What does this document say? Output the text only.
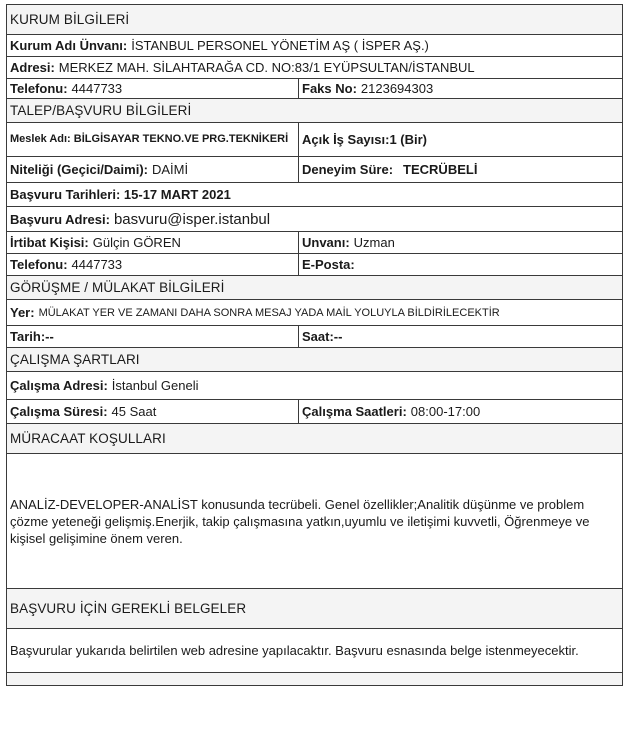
KURUM BİLGİLERİ
Kurum Adı Ünvanı: İSTANBUL PERSONEL YÖNETİM AŞ ( İSPER AŞ.)
Adresi: MERKEZ MAH. SİLAHTARAĞA CD. NO:83/1 EYÜPSULTAN/İSTANBUL
Telefonu: 4447733	Faks No: 2123694303
TALEP/BAŞVURU BİLGİLERİ
Meslek Adı: BİLGİSAYAR TEKNO.VE PRG.TEKNİKERİ Açık İş Sayısı:1 (Bir)
Niteliği (Geçici/Daimi): DAİMİ	Deneyim Süre: TECRÜBELİ
Başvuru Tarihleri: 15-17 MART 2021
Başvuru Adresi: basvuru@isper.istanbul
İrtibat Kişisi: Gülçin GÖREN	Unvanı: Uzman
Telefonu: 4447733	E-Posta:
GÖRÜŞME / MÜLAKAT BİLGİLERİ
Yer: MÜLAKAT YER VE ZAMANI DAHA SONRA MESAJ YADA MAİL YOLUYLA BİLDİRİLECEKTİR
Tarih:--	Saat:--
ÇALIŞMA ŞARTLARI
Çalışma Adresi: İstanbul Geneli
Çalışma Süresi: 45 Saat	Çalışma Saatleri: 08:00-17:00
MÜRACAAT KOŞULLARI
ANALİZ-DEVELOPER-ANALİST konusunda tecrübeli. Genel özellikler;Analitik düşünme ve problem çözme yeteneği gelişmiş.Enerjik, takip çalışmasına yatkın,uyumlu ve iletişimi kuvvetli, Öğrenmeye ve kişisel gelişimine önem veren.
BAŞVURU İÇİN GEREKLİ BELGELER
Başvurular yukarıda belirtilen web adresine yapılacaktır. Başvuru esnasında belge istenmeyecektir.
